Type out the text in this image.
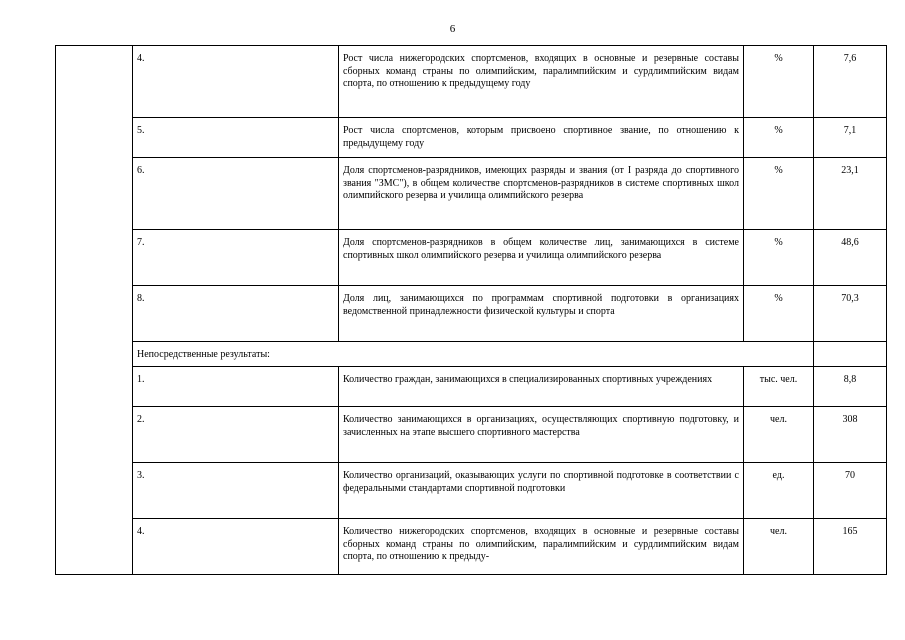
6
	4.	Рост числа нижегородских спортсменов, входящих в основные и резервные составы сборных команд страны по олимпийским, паралимпийским и сурдлимпийским видам спорта, по отношению к предыдущему году	%	7,6
	5.	Рост числа спортсменов, которым присвоено спортивное звание, по отношению к предыдущему году	%	7,1
	6.	Доля спортсменов-разрядников, имеющих разряды и звания (от I разряда до спортивного звания "ЗМС"), в общем количестве спортсменов-разрядников в системе спортивных школ олимпийского резерва и училища олимпийского резерва	%	23,1
	7.	Доля спортсменов-разрядников в общем количестве лиц, занимающихся в системе спортивных школ олимпийского резерва и училища олимпийского резерва	%	48,6
	8.	Доля лиц, занимающихся по программам спортивной подготовки в организациях ведомственной принадлежности физической культуры и спорта	%	70,3
	Непосредственные результаты:			
	1.	Количество граждан, занимающихся в специализированных спортивных учреждениях	тыс. чел.	8,8
	2.	Количество занимающихся в организациях, осуществляющих спортивную подготовку, и зачисленных на этапе высшего спортивного мастерства	чел.	308
	3.	Количество организаций, оказывающих услуги по спортивной подготовке в соответствии с федеральными стандартами спортивной подготовки	ед.	70
	4.	Количество нижегородских спортсменов, входящих в основные и резервные составы сборных команд страны по олимпийским, паралимпийским и сурдлимпийским видам спорта, по отношению к предыду-	чел.	165
